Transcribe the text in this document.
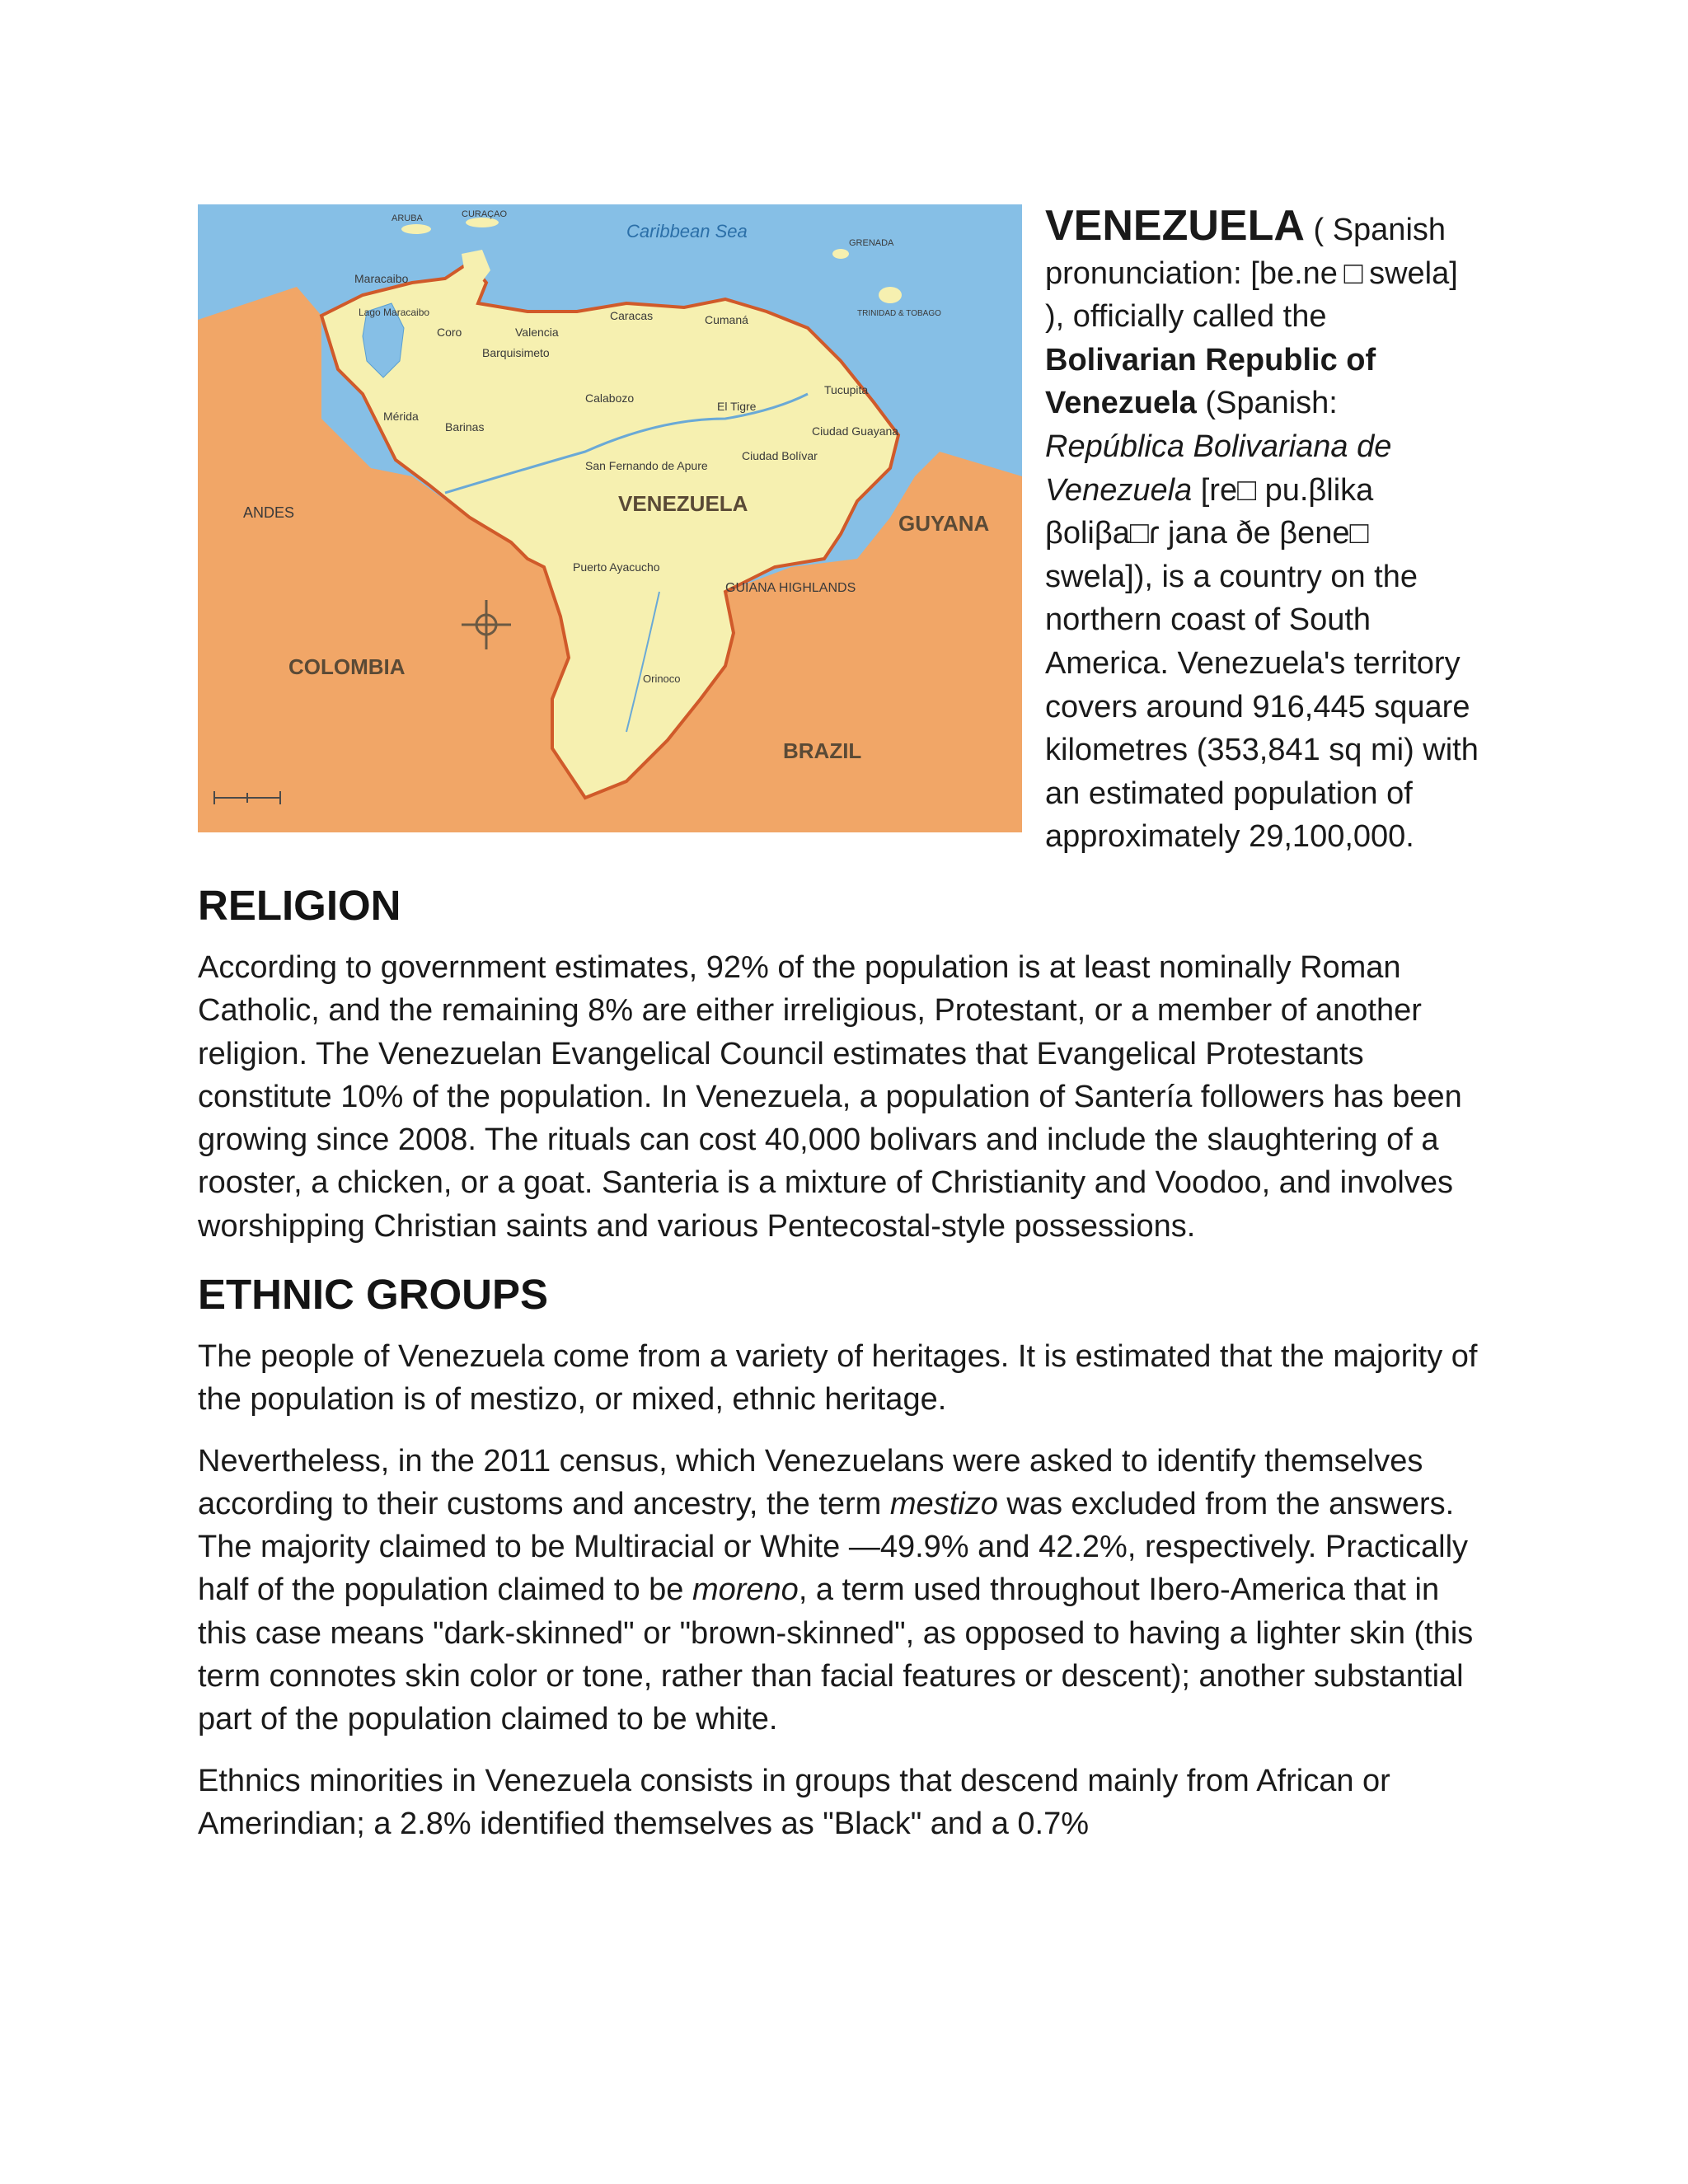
Caribbean Sea
VENEZUELA
COLOMBIA
GUYANA
BRAZIL
Maracaibo
Coro	Valencia
Barquisimeto
Caracas	Cumaná
Mérida
Barinas
Calabozo
El Tigre
Ciudad Bolívar
Ciudad Guayana
Tucupita
San Fernando de Apure
Puerto Ayacucho
Lago Maracaibo
ANDES
GUIANA HIGHLANDS
Orinoco
ARUBA	CURAÇAO
GRENADA
TRINIDAD & TOBAGO

VENEZUELA ( Spanish pronunciation: [be.ne □ swela] ), officially called the Bolivarian Republic of Venezuela (Spanish: República Bolivariana de Venezuela [re□ pu.βlika βoliβa□ɾ jana ðe βene□ swela]), is a country on the northern coast of South America. Venezuela's territory covers around 916,445 square kilometres (353,841 sq mi) with an estimated population of approximately 29,100,000.

RELIGION

According to government estimates, 92% of the population is at least nominally Roman Catholic, and the remaining 8% are either irreligious, Protestant, or a member of another religion. The Venezuelan Evangelical Council estimates that Evangelical Protestants constitute 10% of the population. In Venezuela, a population of Santería followers has been growing since 2008. The rituals can cost 40,000 bolivars and include the slaughtering of a rooster, a chicken, or a goat. Santeria is a mixture of Christianity and Voodoo, and involves worshipping Christian saints and various Pentecostal-style possessions.

ETHNIC GROUPS

The people of Venezuela come from a variety of heritages. It is estimated that the majority of the population is of mestizo, or mixed, ethnic heritage.

Nevertheless, in the 2011 census, which Venezuelans were asked to identify themselves according to their customs and ancestry, the term mestizo was excluded from the answers. The majority claimed to be Multiracial or White —49.9% and 42.2%, respectively. Practically half of the population claimed to be moreno, a term used throughout Ibero-America that in this case means "dark-skinned" or "brown-skinned", as opposed to having a lighter skin (this term connotes skin color or tone, rather than facial features or descent); another substantial part of the population claimed to be white.

Ethnics minorities in Venezuela consists in groups that descend mainly from African or Amerindian; a 2.8% identified themselves as "Black" and a 0.7%
